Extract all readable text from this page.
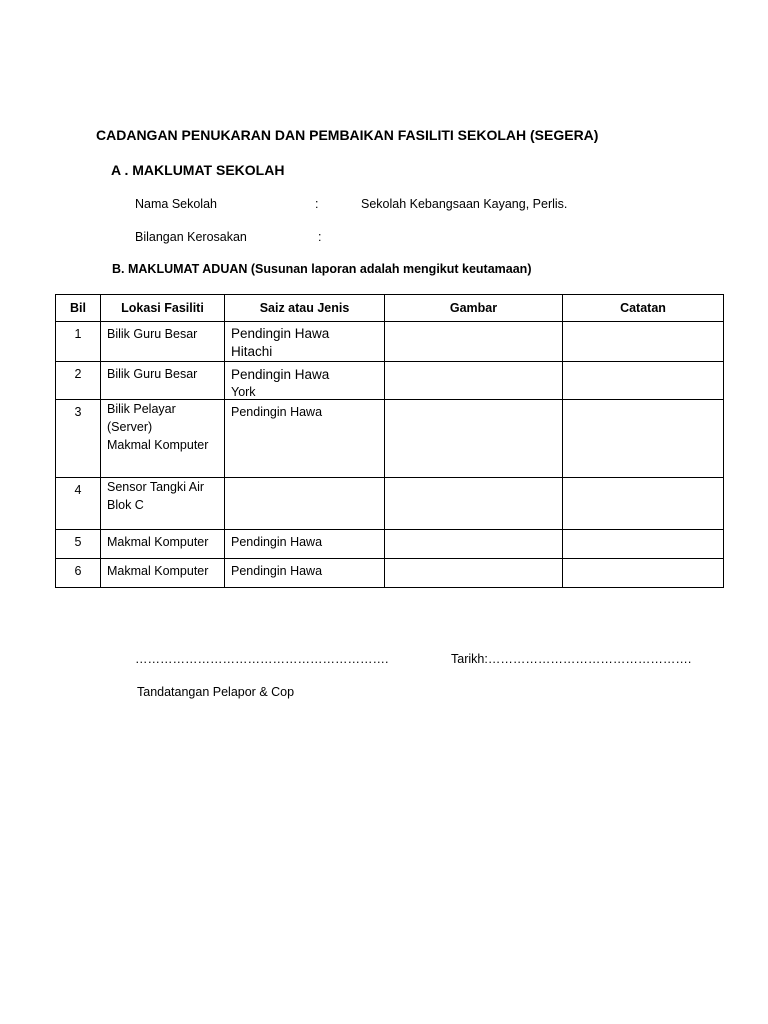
CADANGAN PENUKARAN DAN PEMBAIKAN FASILITI SEKOLAH (SEGERA)
A . MAKLUMAT SEKOLAH
Nama Sekolah	:	Sekolah Kebangsaan Kayang, Perlis.
Bilangan Kerosakan	:
B. MAKLUMAT ADUAN (Susunan laporan adalah mengikut keutamaan)
Bil	Lokasi Fasiliti	Saiz atau Jenis	Gambar	Catatan
1	Bilik Guru Besar	Pendingin Hawa
Hitachi		

2	Bilik Guru Besar	Pendingin Hawa
York		

3	Bilik Pelayar
(Server)
Makmal Komputer	Pendingin Hawa		

4	Sensor Tangki Air
Blok C			

5	Makmal Komputer	Pendingin Hawa		

6	Makmal Komputer	Pendingin Hawa		

…………………………………………………….	Tarikh:………………………………………….
Tandatangan Pelapor & Cop
